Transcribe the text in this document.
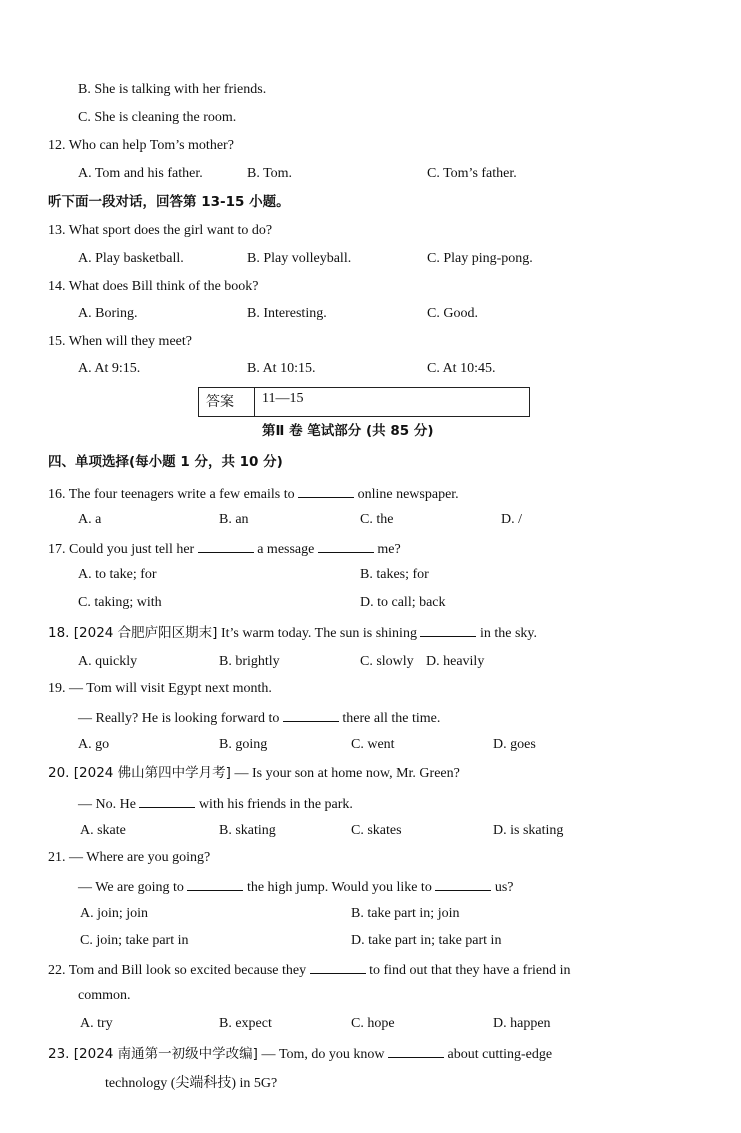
B. She is talking with her friends.
C. She is cleaning the room.
12. Who can help Tom’s mother?
A. Tom and his father.	B. Tom.	C. Tom’s father.
听下面一段对话，回答第 13-15 小题。
13. What sport does the girl want to do?
A. Play basketball.	B. Play volleyball.	C. Play ping-pong.
14. What does Bill think of the book?
A. Boring.	B. Interesting.	C. Good.
15. When will they meet?
A. At 9:15.	B. At 10:15.	C. At 10:45.
答案	11—15
第Ⅱ 卷 笔试部分 (共 85 分)
四、单项选择(每小题 1 分，共 10 分)
16. The four teenagers write a few emails to	online newspaper.
A. a	B. an	C. the	D. /
17. Could you just tell her	a message	me?
A. to take; for	B. takes; for
C. taking; with	D. to call; back
18. [2024 合肥庐阳区期末] It’s warm today. The sun is shining	in the sky.
A. quickly	B. brightly	C. slowly D. heavily
19. — Tom will visit Egypt next month.
— Really? He is looking forward to	there all the time.
A. go	B. going	C. went	D. goes
20. [2024 佛山第四中学月考] — Is your son at home now, Mr. Green?
— No. He	with his friends in the park.
A. skate	B. skating	C. skates	D. is skating
21. — Where are you going?
— We are going to	the high jump. Would you like to	us?
A. join; join	B. take part in; join
C. join; take part in	D. take part in; take part in
22. Tom and Bill look so excited because they	to find out that they have a friend in
common.
A. try	B. expect	C. hope	D. happen
23. [2024 南通第一初级中学改编] — Tom, do you know	about cutting-edge
technology (尖端科技) in 5G?
